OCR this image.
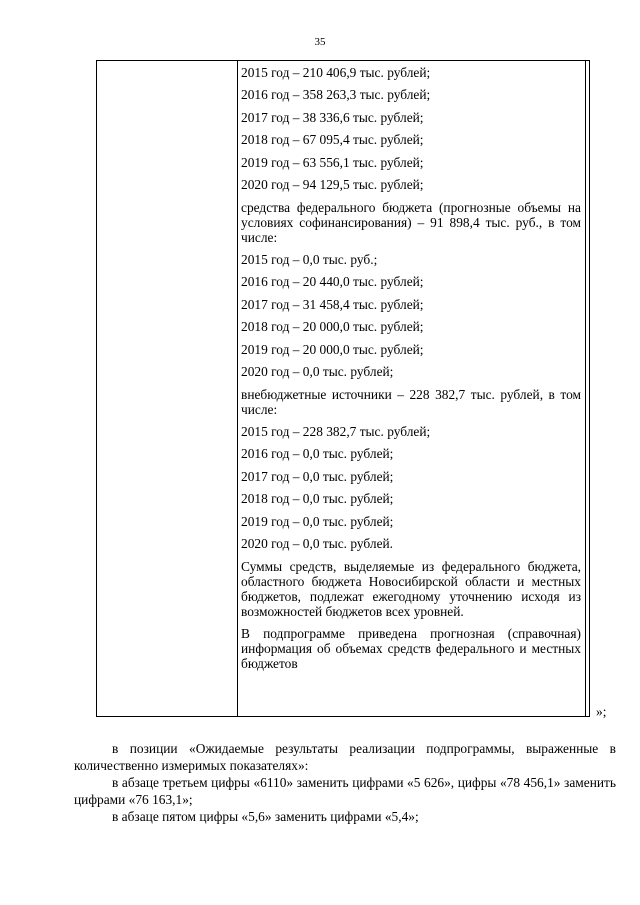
35
2015 год – 210 406,9 тыс. рублей;
2016 год – 358 263,3 тыс. рублей;
2017 год – 38 336,6 тыс. рублей;
2018 год – 67 095,4 тыс. рублей;
2019 год – 63 556,1 тыс. рублей;
2020 год – 94 129,5 тыс. рублей;
средства федерального бюджета (прогнозные объемы на условиях софинансирования) – 91 898,4 тыс. руб., в том числе:
2015 год – 0,0 тыс. руб.;
2016 год – 20 440,0 тыс. рублей;
2017 год – 31 458,4 тыс. рублей;
2018 год – 20 000,0 тыс. рублей;
2019 год – 20 000,0 тыс. рублей;
2020 год – 0,0 тыс. рублей;
внебюджетные источники – 228 382,7 тыс. рублей, в том числе:
2015 год – 228 382,7 тыс. рублей;
2016 год – 0,0 тыс. рублей;
2017 год – 0,0 тыс. рублей;
2018 год – 0,0 тыс. рублей;
2019 год – 0,0 тыс. рублей;
2020 год – 0,0 тыс. рублей.
Суммы средств, выделяемые из федерального бюджета, областного бюджета Новосибирской области и местных бюджетов, подлежат ежегодному уточнению исходя из возможностей бюджетов всех уровней.
В подпрограмме приведена прогнозная (справочная) информация об объемах средств федерального и местных бюджетов
»;
в позиции «Ожидаемые результаты реализации подпрограммы, выраженные в количественно измеримых показателях»:
в абзаце третьем цифры «6110» заменить цифрами «5 626», цифры «78 456,1» заменить цифрами «76 163,1»;
в абзаце пятом цифры «5,6» заменить цифрами «5,4»;
